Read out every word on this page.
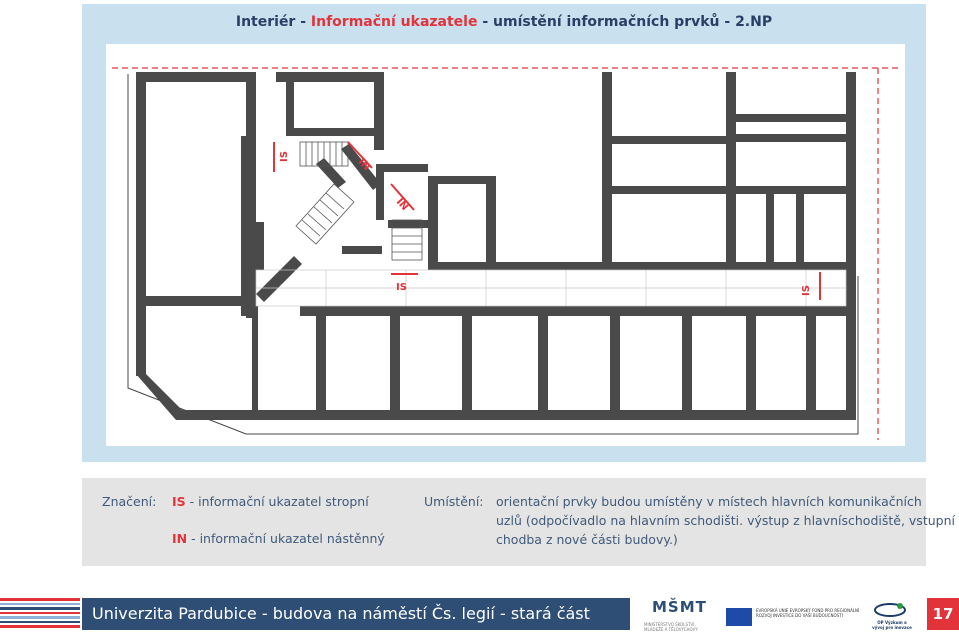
Interiér - Informační ukazatele - umístění informačních prvků - 2.NP
IS
IN
IN
IS	IS
Značení: IS - informační ukazatel stropní
IN - informační ukazatel nástěnný
Umístění: orientační prvky budou umístěny v místech hlavních komunikačních
uzlů (odpočívadlo na hlavním schodišti. výstup z hlavníschodiště, vstupní
chodba z nové části budovy.)
Univerzita Pardubice - budova na náměstí Čs. legií - stará část	MŠMT
MINISTERSTVO ŠKOLSTVÍ, MLÁDEŽE A TĚLOVÝCHOVY
EVROPSKÁ UNIE EVROPSKÝ FOND PRO REGIONÁLNÍ ROZVOJ INVESTICE DO VAŠÍ BUDOUCNOSTI
OP Výzkum a vývoj pro inovace
17
